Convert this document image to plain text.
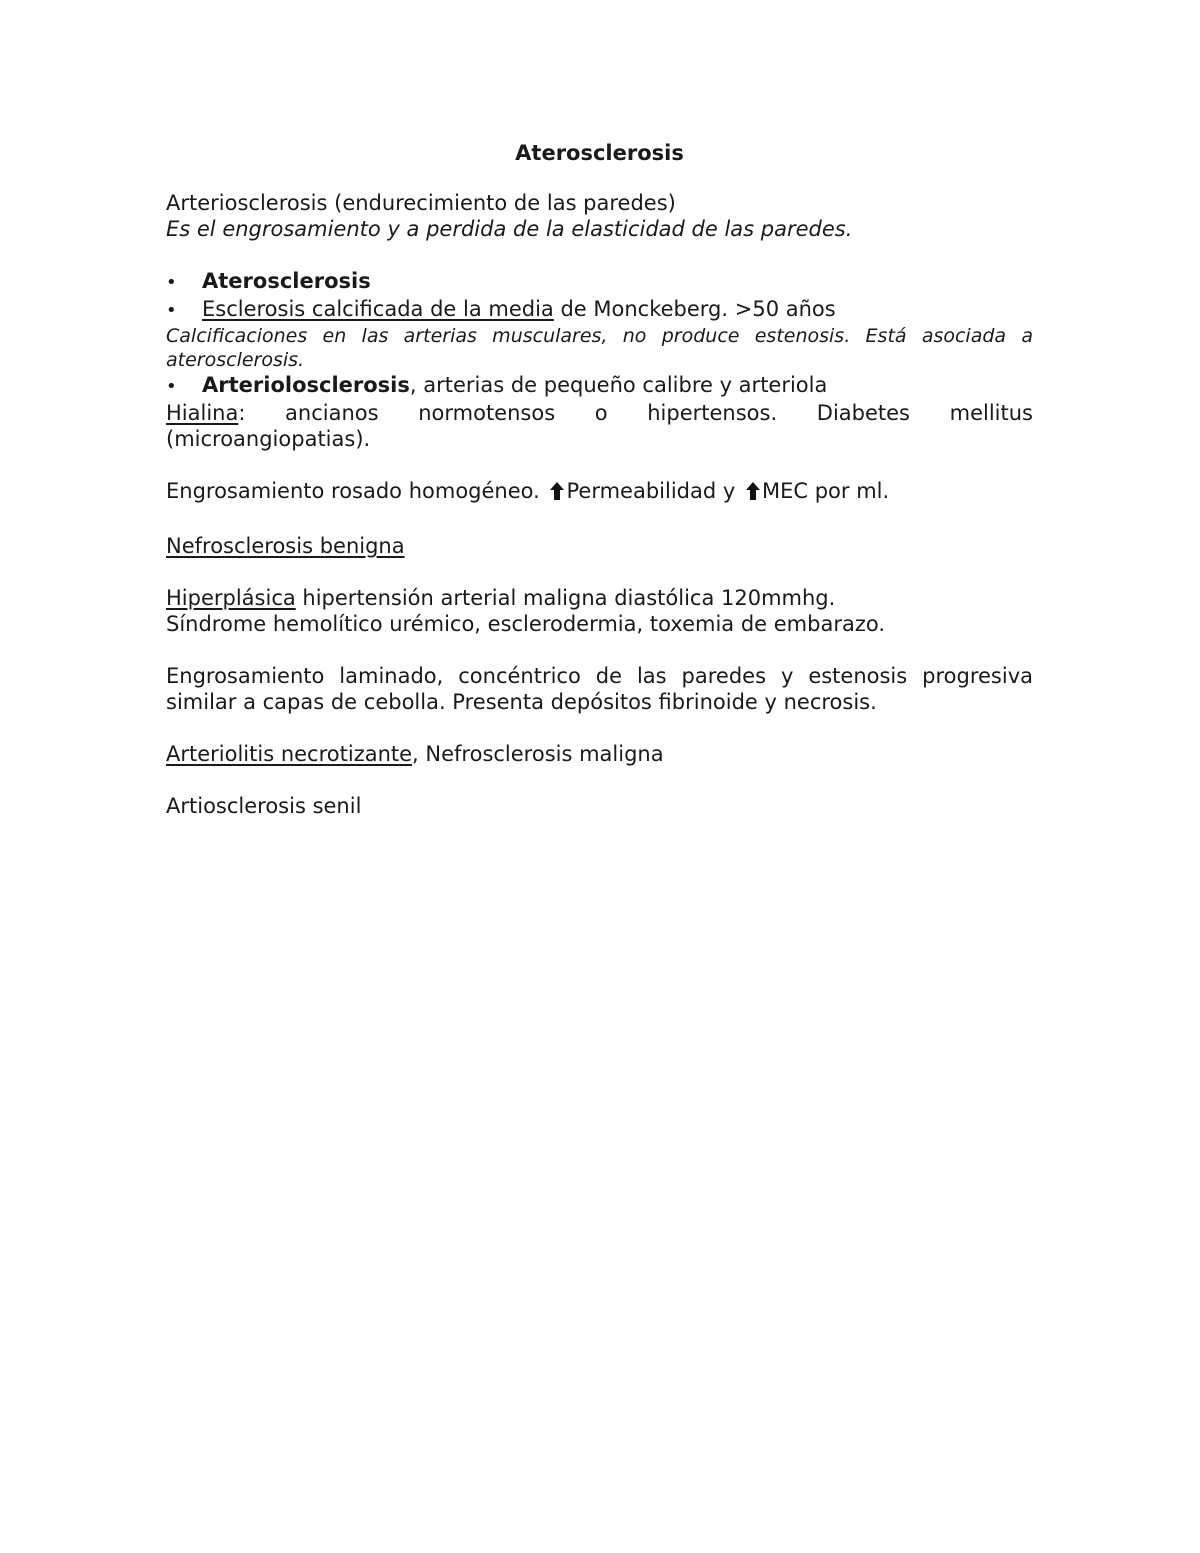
Aterosclerosis

Arteriosclerosis (endurecimiento de las paredes)

Es el engrosamiento y a perdida de la elasticidad de las paredes.

•	Aterosclerosis
•	Esclerosis calcificada de la media de Monckeberg. >50 años

Calcificaciones en las arterias musculares, no produce estenosis. Está asociada a aterosclerosis.

•	Arteriolosclerosis, arterias de pequeño calibre y arteriola

Hialina: ancianos normotensos o hipertensos. Diabetes mellitus (microangiopatias).

Engrosamiento rosado homogéneo. Permeabilidad y MEC por ml.

Nefrosclerosis benigna

Hiperplásica hipertensión arterial maligna diastólica 120mmhg.

Síndrome hemolítico urémico, esclerodermia, toxemia de embarazo.

Engrosamiento laminado, concéntrico de las paredes y estenosis progresiva similar a capas de cebolla. Presenta depósitos fibrinoide y necrosis.

Arteriolitis necrotizante, Nefrosclerosis maligna

Artiosclerosis senil
